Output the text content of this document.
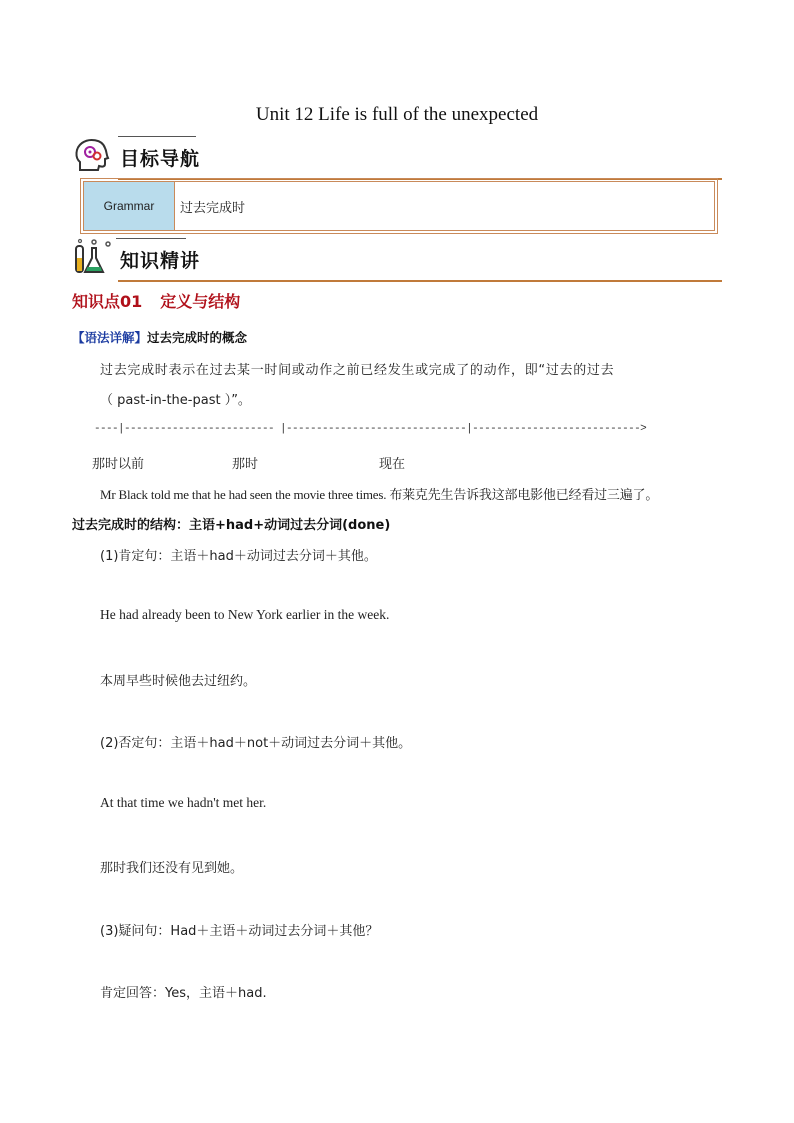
Unit 12 Life is full of the unexpected
目标导航
Grammar	过去完成时
知识精讲
知识点01 定义与结构
【语法详解】过去完成时的概念
过去完成时表示在过去某一时间或动作之前已经发生或完成了的动作，即“过去的过去
（ past-in-the-past ）”。
----|------------------------- |------------------------------|---------------------------->
那时以前	那时	现在
Mr Black told me that he had seen the movie three times. 布莱克先生告诉我这部电影他已经看过三遍了。
过去完成时的结构：主语+had+动词过去分词(done)
(1)肯定句：主语＋had＋动词过去分词＋其他。
He had already been to New York earlier in the week.
本周早些时候他去过纽约。
(2)否定句：主语＋had＋not＋动词过去分词＋其他。
At that time we hadn't met her.
那时我们还没有见到她。
(3)疑问句：Had＋主语＋动词过去分词＋其他？
肯定回答：Yes，主语＋had.
